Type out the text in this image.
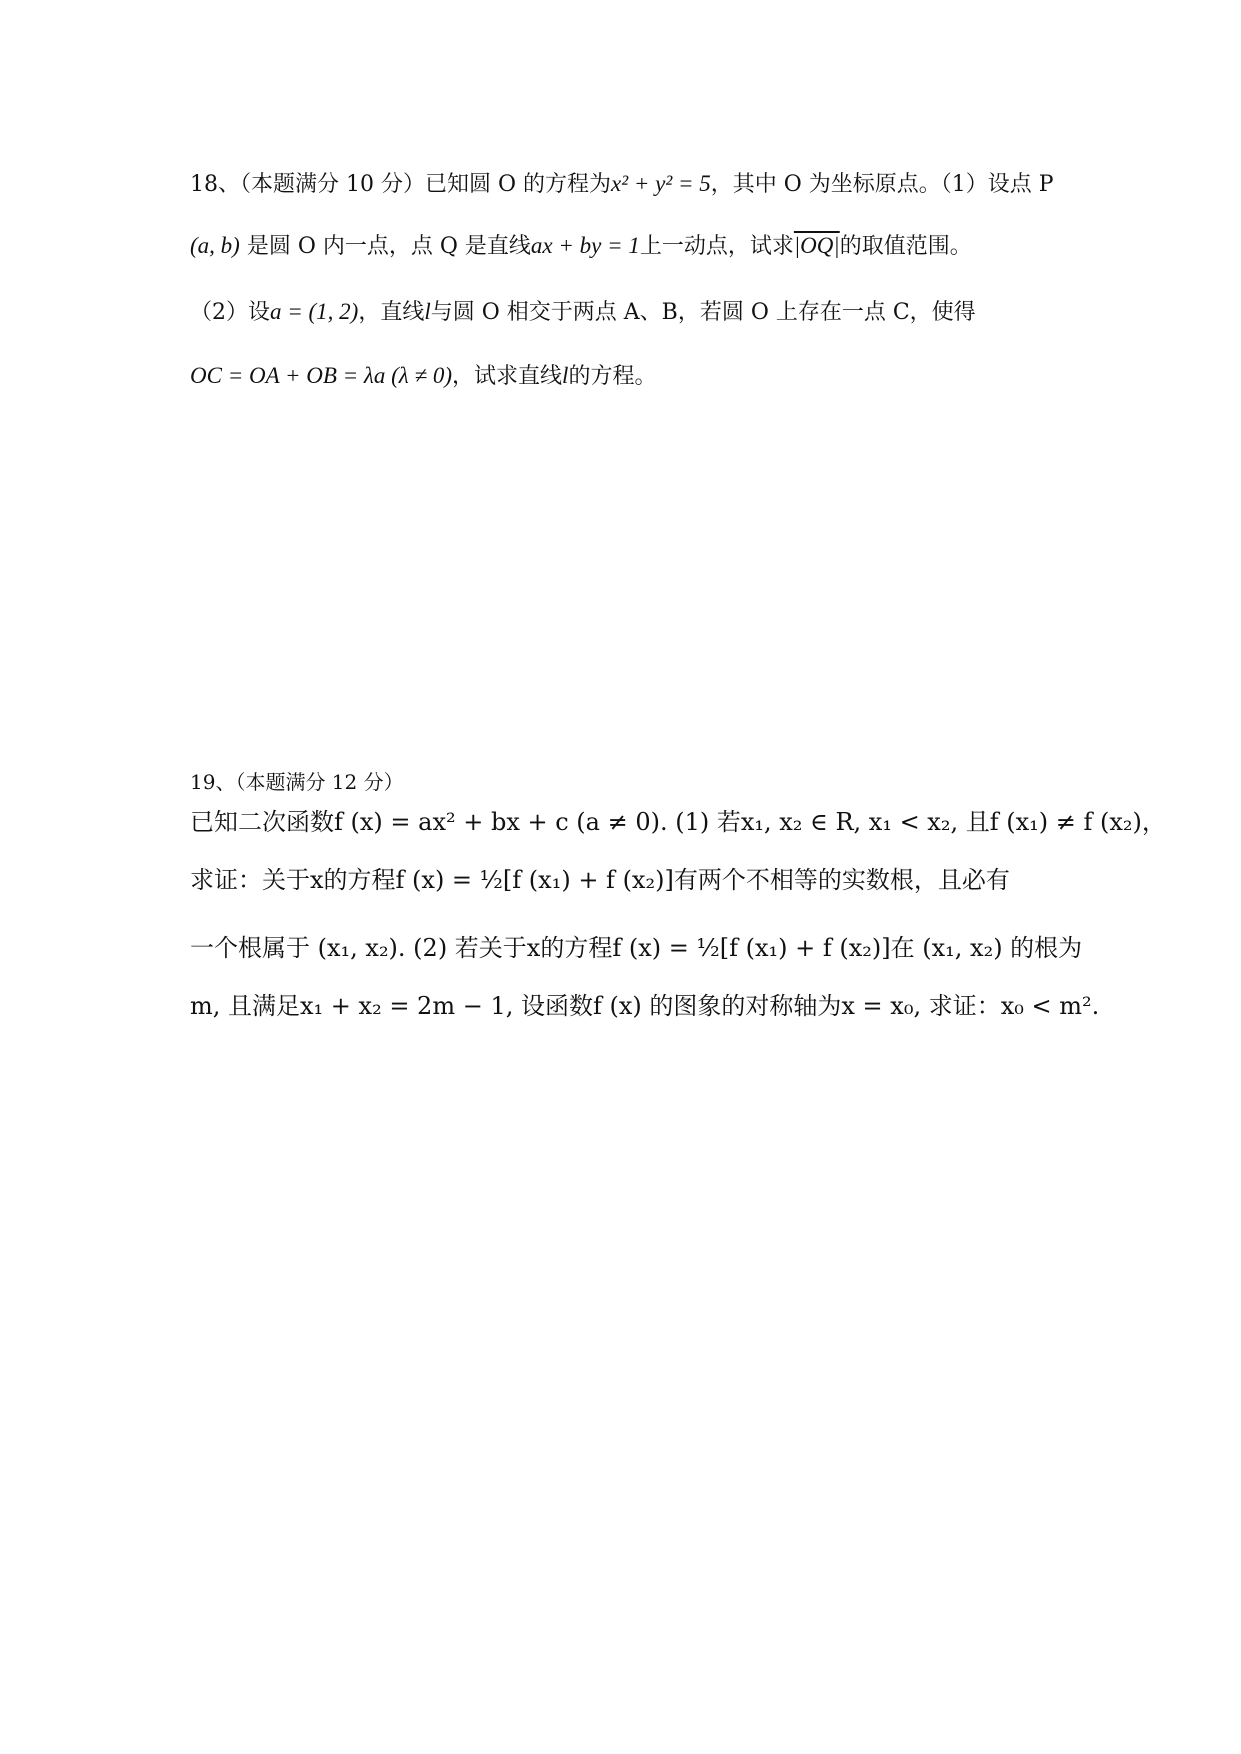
18、（本题满分 10 分）已知圆 O 的方程为x² + y² = 5，其中 O 为坐标原点。（1）设点 P
(a, b) 是圆 O 内一点，点 Q 是直线ax + by = 1上一动点，试求|OQ|的取值范围。
（2）设a = (1, 2)，直线l与圆 O 相交于两点 A、B，若圆 O 上存在一点 C，使得
OC = OA + OB = λa (λ ≠ 0)，试求直线l的方程。
19、（本题满分 12 分）
已知二次函数f (x) = ax² + bx + c (a ≠ 0). (1) 若x₁, x₂ ∈ R, x₁ < x₂, 且f (x₁) ≠ f (x₂)，
求证：关于x的方程f (x) = ½[f (x₁) + f (x₂)]有两个不相等的实数根，且必有
一个根属于 (x₁, x₂). (2) 若关于x的方程f (x) = ½[f (x₁) + f (x₂)]在 (x₁, x₂) 的根为
m, 且满足x₁ + x₂ = 2m − 1, 设函数f (x) 的图象的对称轴为x = x₀, 求证：x₀ < m².
